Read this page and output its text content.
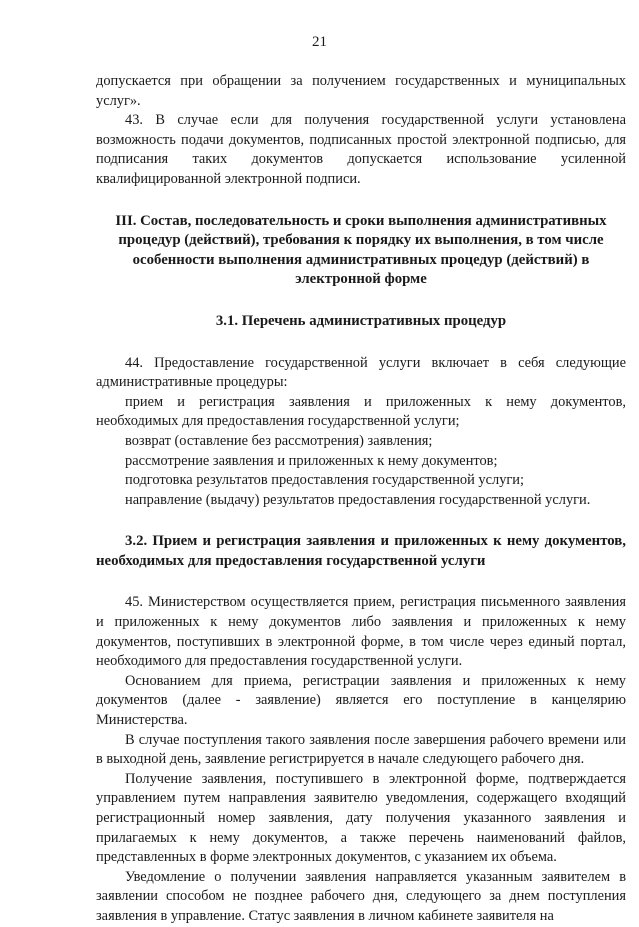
21

допускается при обращении за получением государственных и муниципальных услуг».

43. В случае если для получения государственной услуги установлена возможность подачи документов, подписанных простой электронной подписью, для подписания таких документов допускается использование усиленной квалифицированной электронной подписи.

III. Состав, последовательность и сроки выполнения административных процедур (действий), требования к порядку их выполнения, в том числе особенности выполнения административных процедур (действий) в электронной форме

3.1. Перечень административных процедур

44. Предоставление государственной услуги включает в себя следующие административные процедуры:

прием и регистрация заявления и приложенных к нему документов, необходимых для предоставления государственной услуги;

возврат (оставление без рассмотрения) заявления;

рассмотрение заявления и приложенных к нему документов;

подготовка результатов предоставления государственной услуги;

направление (выдачу) результатов предоставления государственной услуги.

3.2. Прием и регистрация заявления и приложенных к нему документов, необходимых для предоставления государственной услуги

45. Министерством осуществляется прием, регистрация письменного заявления и приложенных к нему документов либо заявления и приложенных к нему документов, поступивших в электронной форме, в том числе через единый портал, необходимого для предоставления государственной услуги.

Основанием для приема, регистрации заявления и приложенных к нему документов (далее - заявление) является его поступление в канцелярию Министерства.

В случае поступления такого заявления после завершения рабочего времени или в выходной день, заявление регистрируется в начале следующего рабочего дня.

Получение заявления, поступившего в электронной форме, подтверждается управлением путем направления заявителю уведомления, содержащего входящий регистрационный номер заявления, дату получения указанного заявления и прилагаемых к нему документов, а также перечень наименований файлов, представленных в форме электронных документов, с указанием их объема.

Уведомление о получении заявления направляется указанным заявителем в заявлении способом не позднее рабочего дня, следующего за днем поступления заявления в управление. Статус заявления в личном кабинете заявителя на
